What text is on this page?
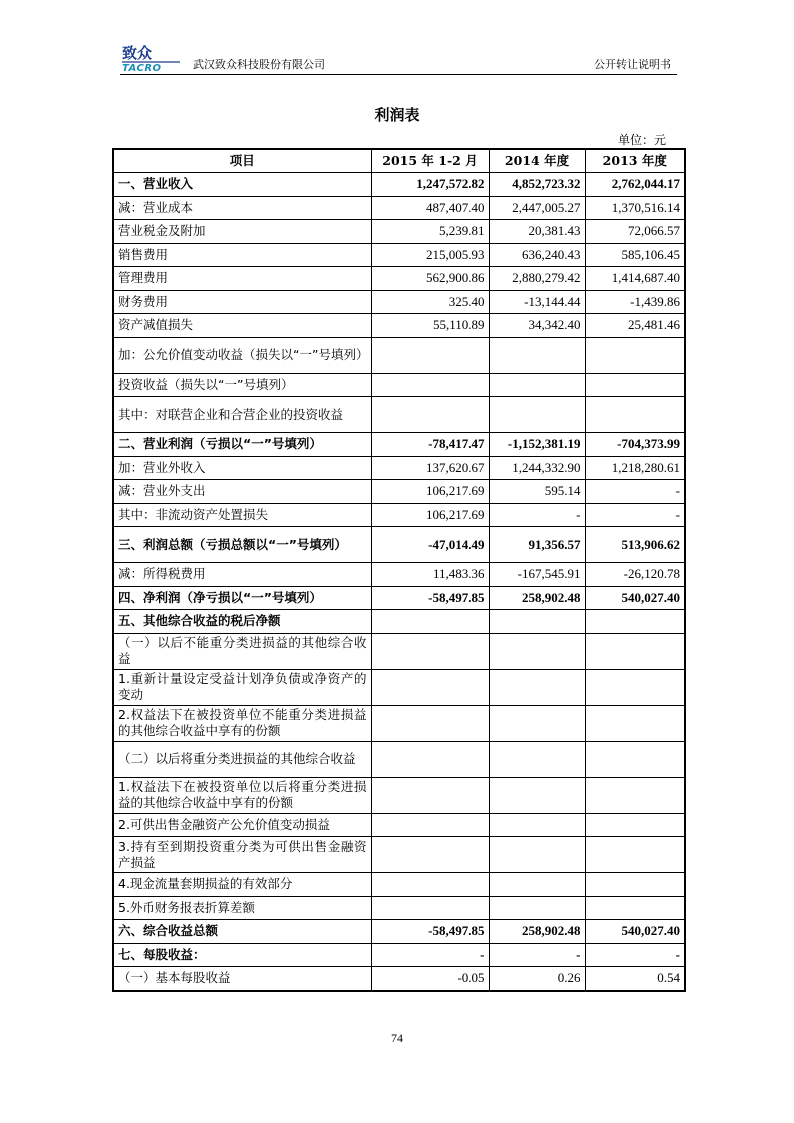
致众
TACRO	武汉致众科技股份有限公司	公开转让说明书
利润表
单位：元
项目	2015 年 1-2 月	2014 年度	2013 年度
一、营业收入	1,247,572.82	4,852,723.32	2,762,044.17
减：营业成本	487,407.40	2,447,005.27	1,370,516.14
营业税金及附加	5,239.81	20,381.43	72,066.57
销售费用	215,005.93	636,240.43	585,106.45
管理费用	562,900.86	2,880,279.42	1,414,687.40
财务费用	325.40	-13,144.44	-1,439.86
资产减值损失	55,110.89	34,342.40	25,481.46
加：公允价值变动收益（损失以“一”号填列）			
投资收益（损失以“一”号填列）			
其中：对联营企业和合营企业的投资收益			
二、营业利润（亏损以“一”号填列）	-78,417.47	-1,152,381.19	-704,373.99
加：营业外收入	137,620.67	1,244,332.90	1,218,280.61
减：营业外支出	106,217.69	595.14	-
其中：非流动资产处置损失	106,217.69	-	-
三、利润总额（亏损总额以“一”号填列）	-47,014.49	91,356.57	513,906.62
减：所得税费用	11,483.36	-167,545.91	-26,120.78
四、净利润（净亏损以“一”号填列）	-58,497.85	258,902.48	540,027.40
五、其他综合收益的税后净额			
（一）以后不能重分类进损益的其他综合收益			
1.重新计量设定受益计划净负债或净资产的变动			
2.权益法下在被投资单位不能重分类进损益的其他综合收益中享有的份额			
（二）以后将重分类进损益的其他综合收益			
1.权益法下在被投资单位以后将重分类进损益的其他综合收益中享有的份额			
2.可供出售金融资产公允价值变动损益			
3.持有至到期投资重分类为可供出售金融资产损益			
4.现金流量套期损益的有效部分			
5.外币财务报表折算差额			
六、综合收益总额	-58,497.85	258,902.48	540,027.40
七、每股收益：	-	-	-
（一）基本每股收益	-0.05	0.26	0.54
74
